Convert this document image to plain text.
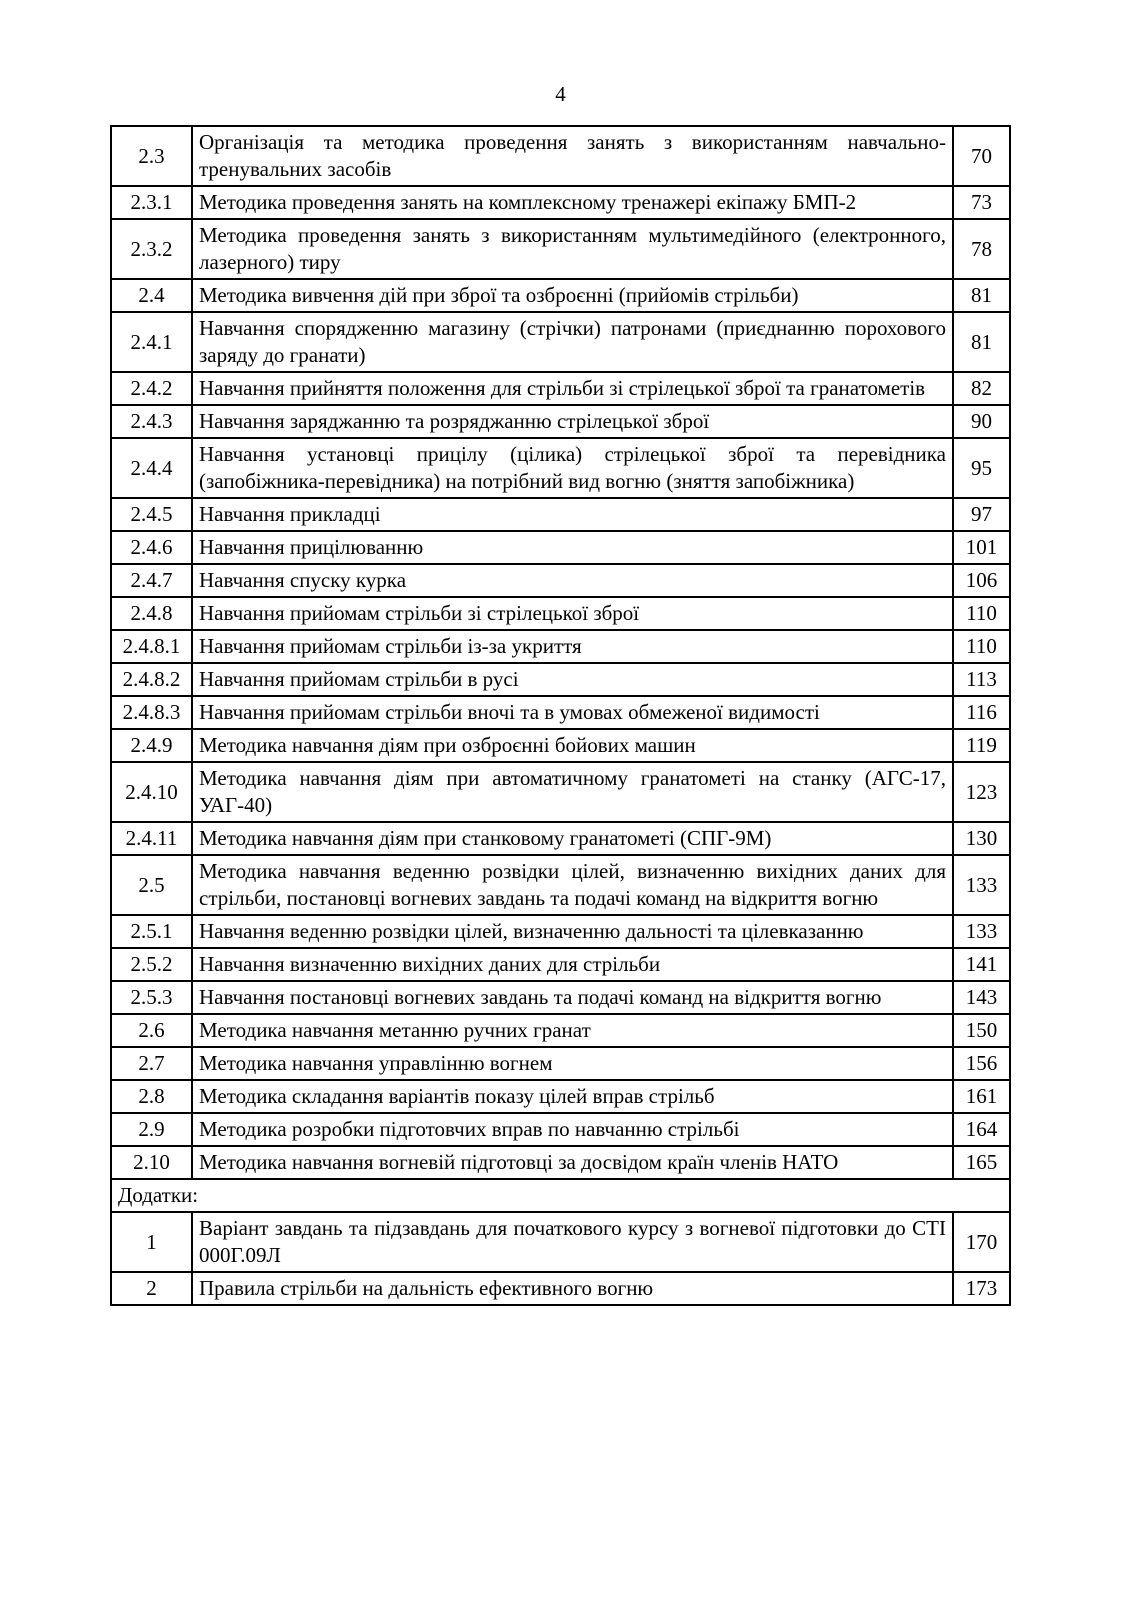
4
2.3	Організація та методика проведення занять з використанням навчально-тренувальних засобів	70
2.3.1	Методика проведення занять на комплексному тренажері екіпажу БМП-2	73
2.3.2	Методика проведення занять з використанням мультимедійного (електронного, лазерного) тиру	78
2.4	Методика вивчення дій при зброї та озброєнні (прийомів стрільби)	81
2.4.1	Навчання спорядженню магазину (стрічки) патронами (приєднанню порохового заряду до гранати)	81
2.4.2	Навчання прийняття положення для стрільби зі стрілецької зброї та гранатометів	82
2.4.3	Навчання заряджанню та розряджанню стрілецької зброї	90
2.4.4	Навчання установці прицілу (цілика) стрілецької зброї та перевідника (запобіжника-перевідника) на потрібний вид вогню (зняття запобіжника)	95
2.4.5	Навчання прикладці	97
2.4.6	Навчання прицілюванню	101
2.4.7	Навчання спуску курка	106
2.4.8	Навчання прийомам стрільби зі стрілецької зброї	110
2.4.8.1	Навчання прийомам стрільби із-за укриття	110
2.4.8.2	Навчання прийомам стрільби в русі	113
2.4.8.3	Навчання прийомам стрільби вночі та в умовах обмеженої видимості	116
2.4.9	Методика навчання діям при озброєнні бойових машин	119
2.4.10	Методика навчання діям при автоматичному гранатометі на станку (АГС-17, УАГ-40)	123
2.4.11	Методика навчання діям при станковому гранатометі (СПГ-9М)	130
2.5	Методика навчання веденню розвідки цілей, визначенню вихідних даних для стрільби, постановці вогневих завдань та подачі команд на відкриття вогню	133
2.5.1	Навчання веденню розвідки цілей, визначенню дальності та цілевказанню	133
2.5.2	Навчання визначенню вихідних даних для стрільби	141
2.5.3	Навчання постановці вогневих завдань та подачі команд на відкриття вогню	143
2.6	Методика навчання метанню ручних гранат	150
2.7	Методика навчання управлінню вогнем	156
2.8	Методика складання варіантів показу цілей вправ стрільб	161
2.9	Методика розробки підготовчих вправ по навчанню стрільбі	164
2.10	Методика навчання вогневій підготовці за досвідом країн членів НАТО	165
Додатки:		
1	Варіант завдань та підзавдань для початкового курсу з вогневої підготовки до СТІ 000Г.09Л	170
2	Правила стрільби на дальність ефективного вогню	173
